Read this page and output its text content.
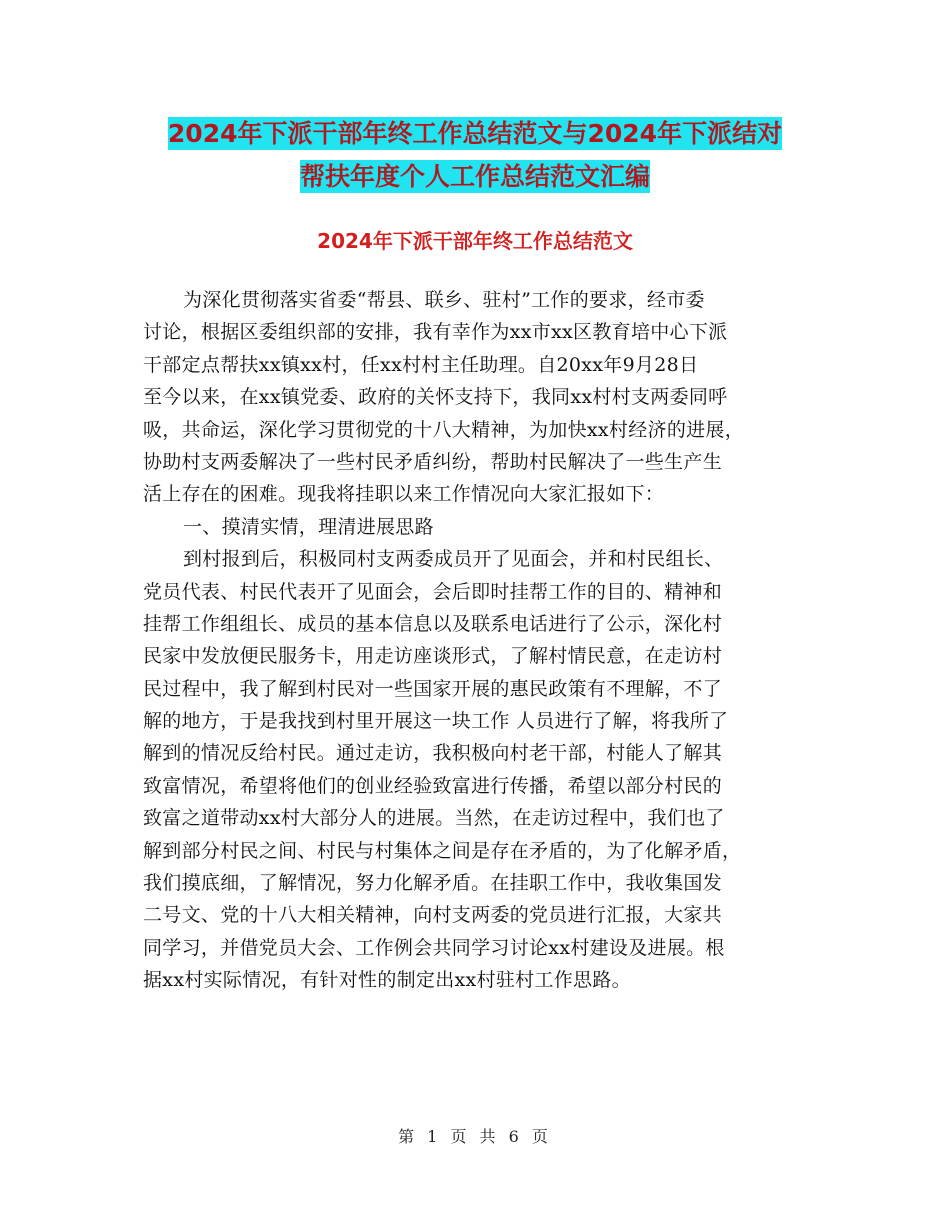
2024年下派干部年终工作总结范文与2024年下派结对
帮扶年度个人工作总结范文汇编
2024年下派干部年终工作总结范文
为深化贯彻落实省委“帮县、联乡、驻村”工作的要求，经市委
讨论，根据区委组织部的安排，我有幸作为xx市xx区教育培中心下派
干部定点帮扶xx镇xx村，任xx村村主任助理。自20xx年9月28日
至今以来，在xx镇党委、政府的关怀支持下，我同xx村村支两委同呼
吸，共命运，深化学习贯彻党的十八大精神，为加快xx村经济的进展，
协助村支两委解决了一些村民矛盾纠纷，帮助村民解决了一些生产生
活上存在的困难。现我将挂职以来工作情况向大家汇报如下：
一、摸清实情，理清进展思路
到村报到后，积极同村支两委成员开了见面会，并和村民组长、
党员代表、村民代表开了见面会，会后即时挂帮工作的目的、精神和
挂帮工作组组长、成员的基本信息以及联系电话进行了公示，深化村
民家中发放便民服务卡，用走访座谈形式，了解村情民意，在走访村
民过程中，我了解到村民对一些国家开展的惠民政策有不理解，不了
解的地方，于是我找到村里开展这一块工作 人员进行了解，将我所了
解到的情况反给村民。通过走访，我积极向村老干部，村能人了解其
致富情况，希望将他们的创业经验致富进行传播，希望以部分村民的
致富之道带动xx村大部分人的进展。当然，在走访过程中，我们也了
解到部分村民之间、村民与村集体之间是存在矛盾的，为了化解矛盾，
我们摸底细，了解情况，努力化解矛盾。在挂职工作中，我收集国发
二号文、党的十八大相关精神，向村支两委的党员进行汇报，大家共
同学习，并借党员大会、工作例会共同学习讨论xx村建设及进展。根
据xx村实际情况，有针对性的制定出xx村驻村工作思路。
第 1 页 共 6 页
